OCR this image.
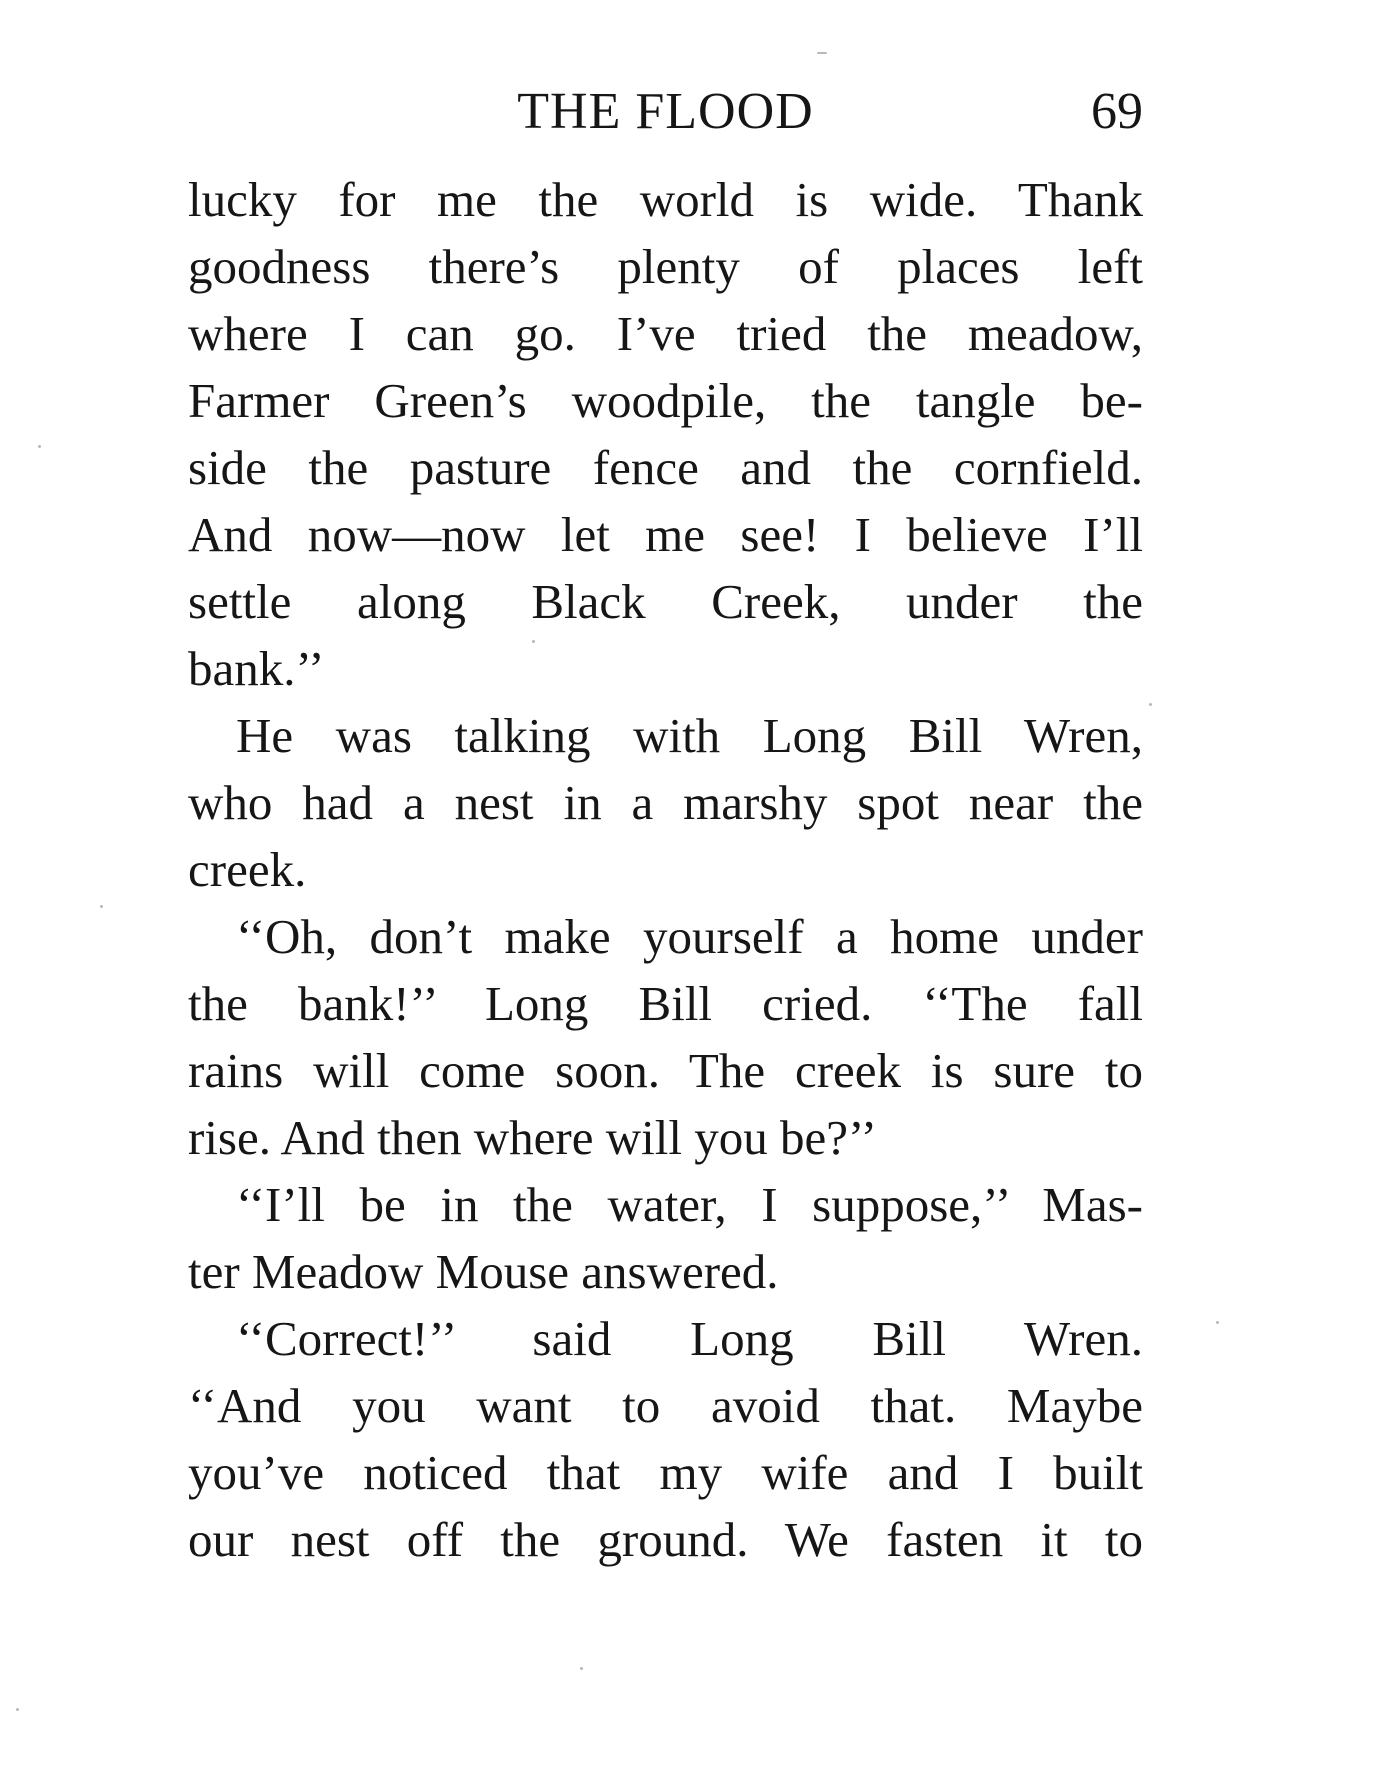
THE FLOOD	69

lucky for me the world is wide. Thank
goodness there’s plenty of places left
where I can go. I’ve tried the meadow,
Farmer Green’s woodpile, the tangle be-
side the pasture fence and the cornfield.
And now—now let me see! I believe I’ll
settle along Black Creek, under the
bank.’’

He was talking with Long Bill Wren,
who had a nest in a marshy spot near the
creek.

‘‘Oh, don’t make yourself a home under
the bank!’’ Long Bill cried. ‘‘The fall
rains will come soon. The creek is sure to
rise. And then where will you be?’’

‘‘I’ll be in the water, I suppose,’’ Mas-
ter Meadow Mouse answered.

‘‘Correct!’’ said Long Bill Wren.
‘‘And you want to avoid that. Maybe
you’ve noticed that my wife and I built
our nest off the ground. We fasten it to
